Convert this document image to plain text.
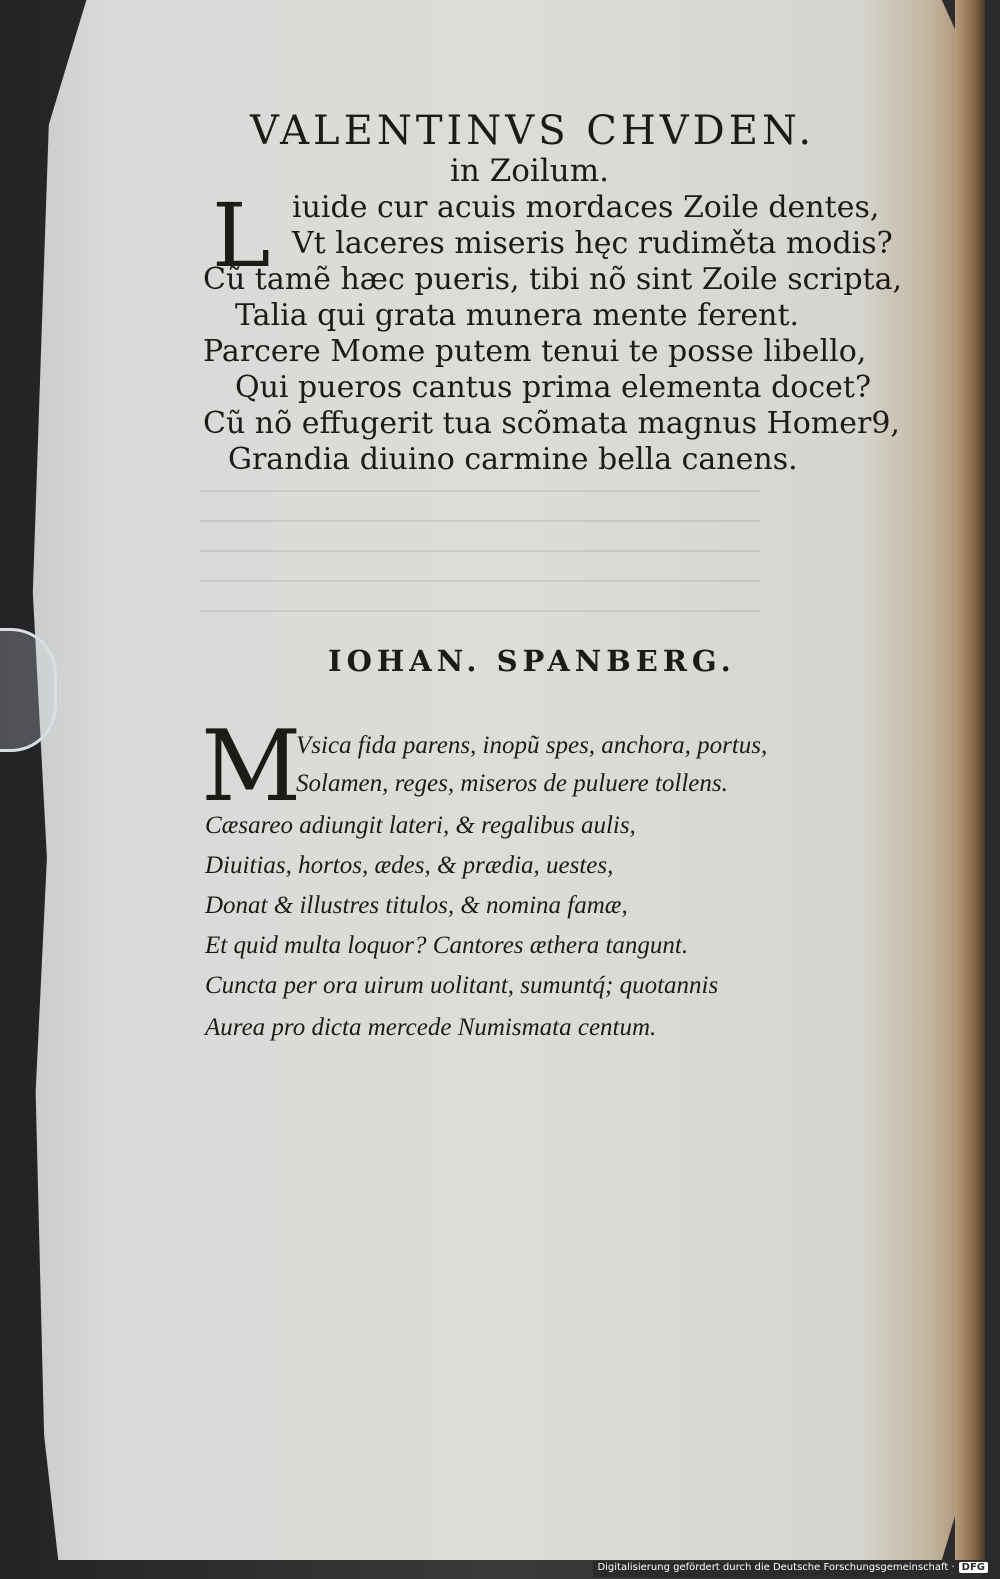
VALENTINVS CHVDEN.
in Zoilum.
L iuide cur acuis mordaces Zoile dentes,
Vt laceres miseris hęc rudiměta modis?
Cũ tamẽ hæc pueris, tibi nõ sint Zoile scripta,
Talia qui grata munera mente ferent.
Parcere Mome putem tenui te posse libello,
Qui pueros cantus prima elementa docet?
Cũ nõ effugerit tua scõmata magnus Homer9,
Grandia diuino carmine bella canens.
IOHAN. SPANBERG.
M
Vsica fida parens, inopũ spes, anchora, portus,
Solamen, reges, miseros de puluere tollens.
Cæsareo adiungit lateri, & regalibus aulis,
Diuitias, hortos, ædes, & prædia, uestes,
Donat & illustres titulos, & nomina famæ,
Et quid multa loquor? Cantores æthera tangunt.
Cuncta per ora uirum uolitant, sumuntq́; quotannis
Aurea pro dicta mercede Numismata centum.
Digitalisierung gefördert durch die Deutsche Forschungsgemeinschaft · DFG
